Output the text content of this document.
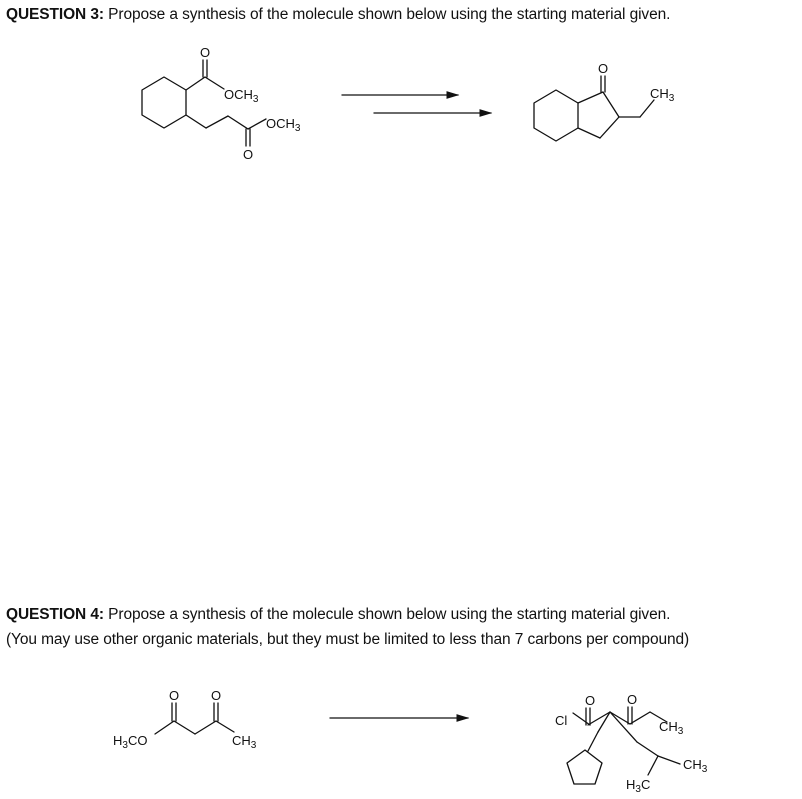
QUESTION 3: Propose a synthesis of the molecule shown below using the starting material given.
QUESTION 4: Propose a synthesis of the molecule shown below using the starting material given.
(You may use other organic materials, but they must be limited to less than 7 carbons per compound)
O
$OCH_3$
$OCH_3$
O
O
$CH_3$
O O
$H_3CO$	$CH_3$
O O
Cl	$CH_3$
$CH_3$
$H_3C$
